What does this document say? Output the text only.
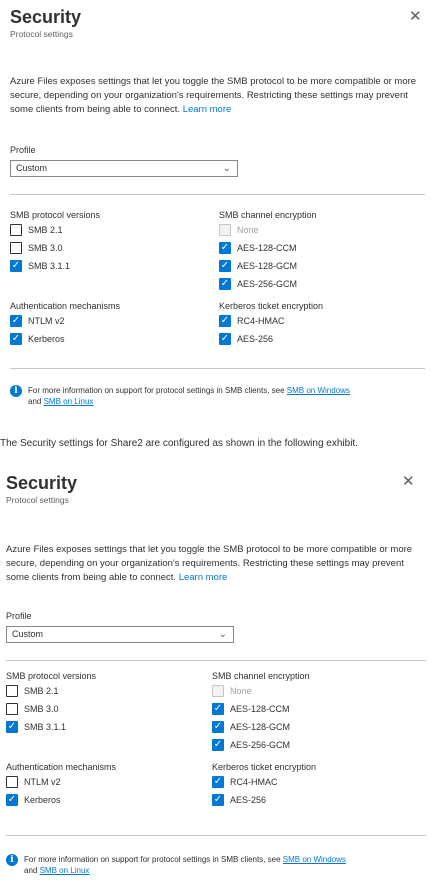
Security
Protocol settings
✕
Azure Files exposes settings that let you toggle the SMB protocol to be more compatible or more secure, depending on your organization's requirements. Restricting these settings may prevent some clients from being able to connect. Learn more
Profile
Custom	⌄
SMB protocol versions
SMB 2.1
SMB 3.0
✓ SMB 3.1.1
SMB channel encryption
None
✓ AES-128-CCM
✓ AES-128-GCM
✓ AES-256-GCM
Authentication mechanisms
✓ NTLM v2
✓ Kerberos
Kerberos ticket encryption
✓ RC4-HMAC
✓ AES-256
i	For more information on support for protocol settings in SMB clients, see SMB on Windows
and SMB on Linux
The Security settings for Share2 are configured as shown in the following exhibit.
Security
Protocol settings
✕
Azure Files exposes settings that let you toggle the SMB protocol to be more compatible or more secure, depending on your organization's requirements. Restricting these settings may prevent some clients from being able to connect. Learn more
Profile
Custom	⌄
SMB protocol versions
SMB 2.1
SMB 3.0
✓ SMB 3.1.1
SMB channel encryption
None
✓ AES-128-CCM
✓ AES-128-GCM
✓ AES-256-GCM
Authentication mechanisms
NTLM v2
✓ Kerberos
Kerberos ticket encryption
✓ RC4-HMAC
✓ AES-256
i	For more information on support for protocol settings in SMB clients, see SMB on Windows
and SMB on Linux
